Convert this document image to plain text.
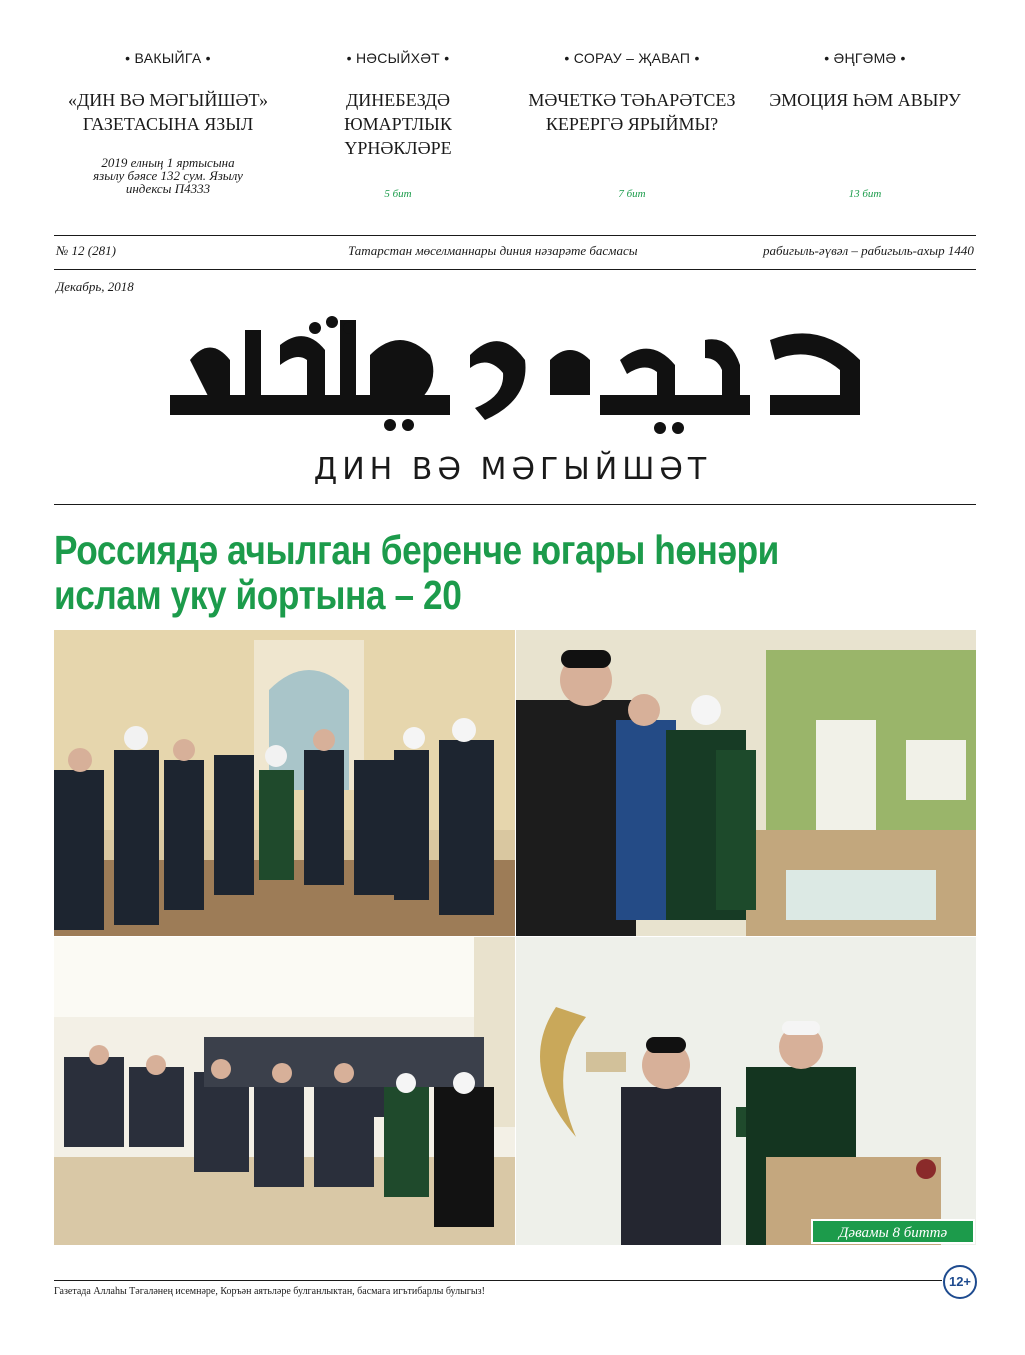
• ВАКЫЙГА •
«ДИН ВӘ МӘГЫЙШӘТ» ГАЗЕТАСЫНА ЯЗЫЛ
2019 елның 1 яртысына язылу бәясе 132 сум. Язылу индексы П4333
• НӘСЫЙХӘТ •
ДИНЕБЕЗДӘ ЮМАРТЛЫК ҮРНӘКЛӘРЕ
5 бит
• СОРАУ – ҖАВАП •
МӘЧЕТКӘ ТӘҺАРӘТСЕЗ КЕРЕРГӘ ЯРЫЙМЫ?
7 бит
• ӘҢГӘМӘ •
ЭМОЦИЯ ҺӘМ АВЫРУ
13 бит
№ 12 (281)	Татарстан мөселманнары диния нәзарәте басмасы	рабигыль-әүвәл – рабигыль-ахыр 1440
Декабрь, 2018
ДИН ВӘ МӘГЫЙШӘТ
Россиядә ачылган беренче югары һөнәри
ислам уку йортына – 20
Дәвамы 8 биттә
Газетада Аллаһы Тәгаләнең исемнәре, Коръән аятьләре булганлыктан, басмага игътибарлы булыгыз!
12+
